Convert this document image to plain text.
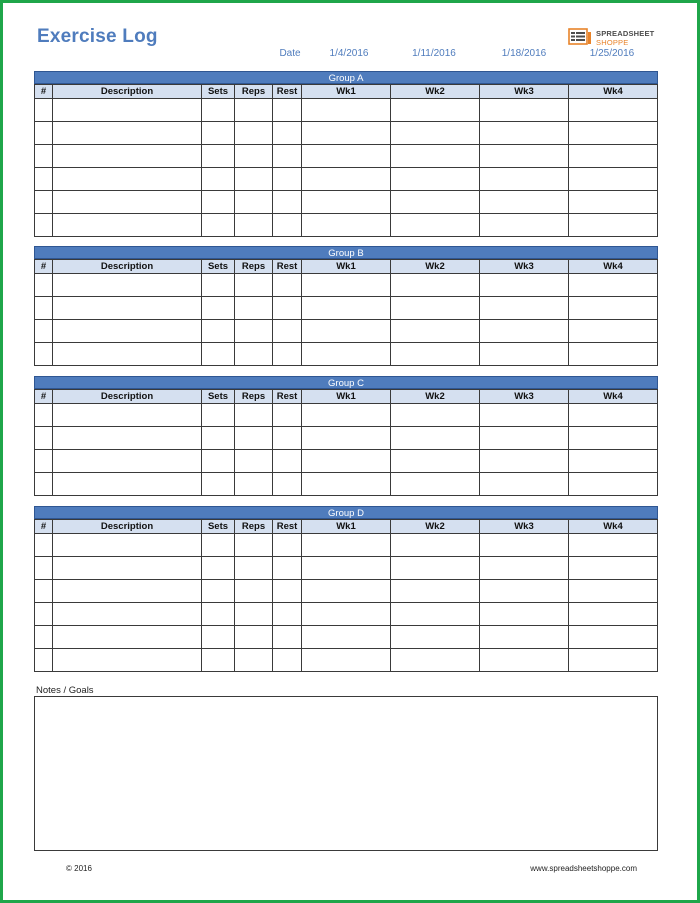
Exercise Log	SPREADSHEET
SHOPPE
Date	1/4/2016	1/11/2016	1/18/2016	1/25/2016
Group A
#	Description	Sets	Reps	Rest	Wk1	Wk2	Wk3	Wk4

Group B
#	Description	Sets	Reps	Rest	Wk1	Wk2	Wk3	Wk4

Group C
#	Description	Sets	Reps	Rest	Wk1	Wk2	Wk3	Wk4

Group D
#	Description	Sets	Reps	Rest	Wk1	Wk2	Wk3	Wk4

Notes / Goals
© 2016	www.spreadsheetshoppe.com
